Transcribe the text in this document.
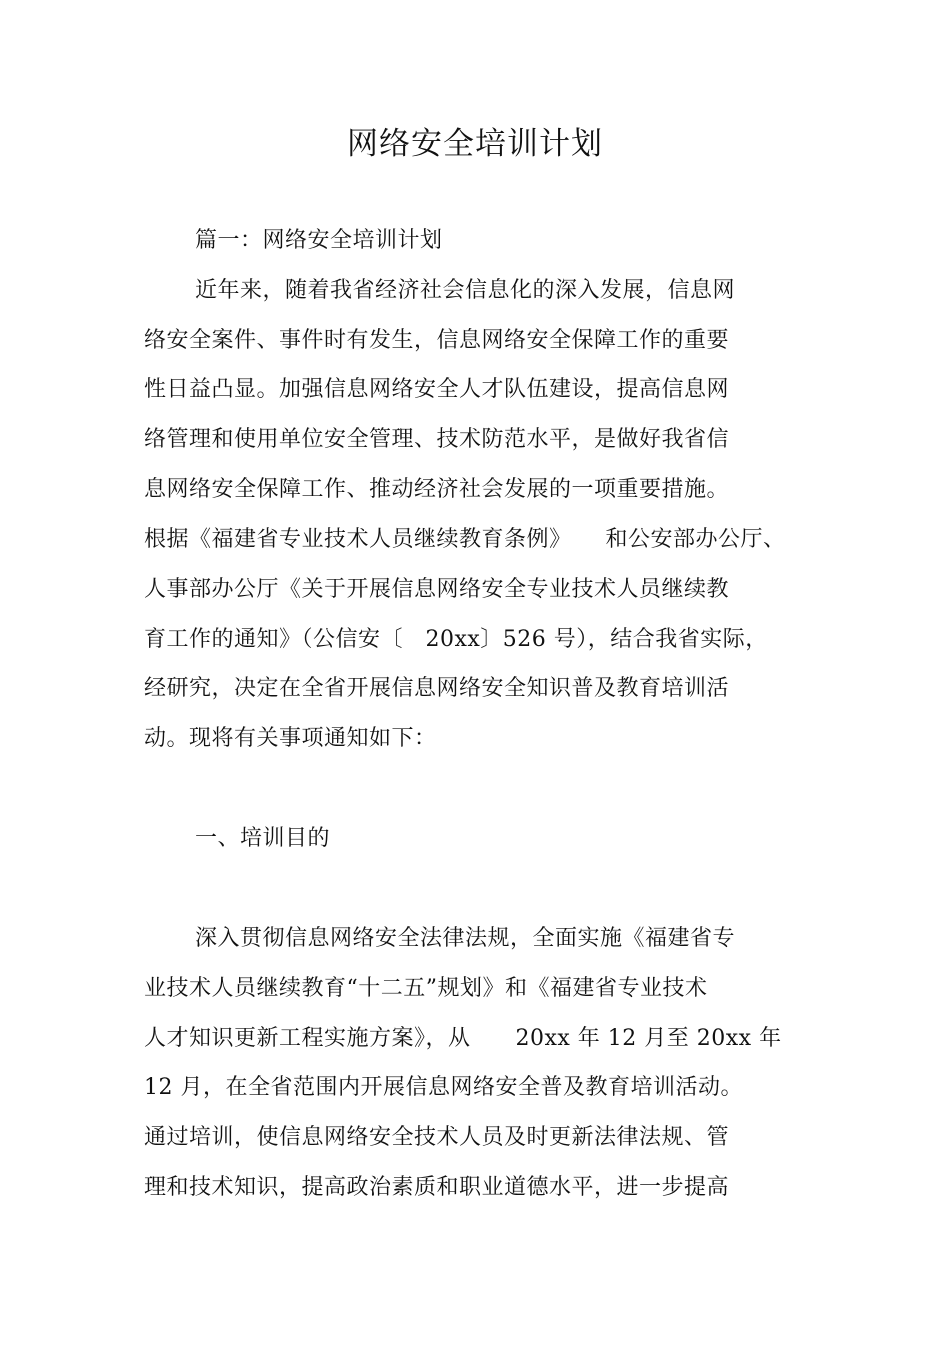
网络安全培训计划
篇一：网络安全培训计划
近年来，随着我省经济社会信息化的深入发展，信息网
络安全案件、事件时有发生，信息网络安全保障工作的重要
性日益凸显。加强信息网络安全人才队伍建设，提高信息网
络管理和使用单位安全管理、技术防范水平，是做好我省信
息网络安全保障工作、推动经济社会发展的一项重要措施。
根据《福建省专业技术人员继续教育条例》　　和公安部办公厅、
人事部办公厅《关于开展信息网络安全专业技术人员继续教
育工作的通知》（公信安〔　20xx〕526 号），结合我省实际，
经研究，决定在全省开展信息网络安全知识普及教育培训活
动。现将有关事项通知如下：
一、培训目的
深入贯彻信息网络安全法律法规，全面实施《福建省专
业技术人员继续教育“十二五”规划》和《福建省专业技术
人才知识更新工程实施方案》，从　　20xx 年 12 月至 20xx 年
12 月，在全省范围内开展信息网络安全普及教育培训活动。
通过培训，使信息网络安全技术人员及时更新法律法规、管
理和技术知识，提高政治素质和职业道德水平，进一步提高
